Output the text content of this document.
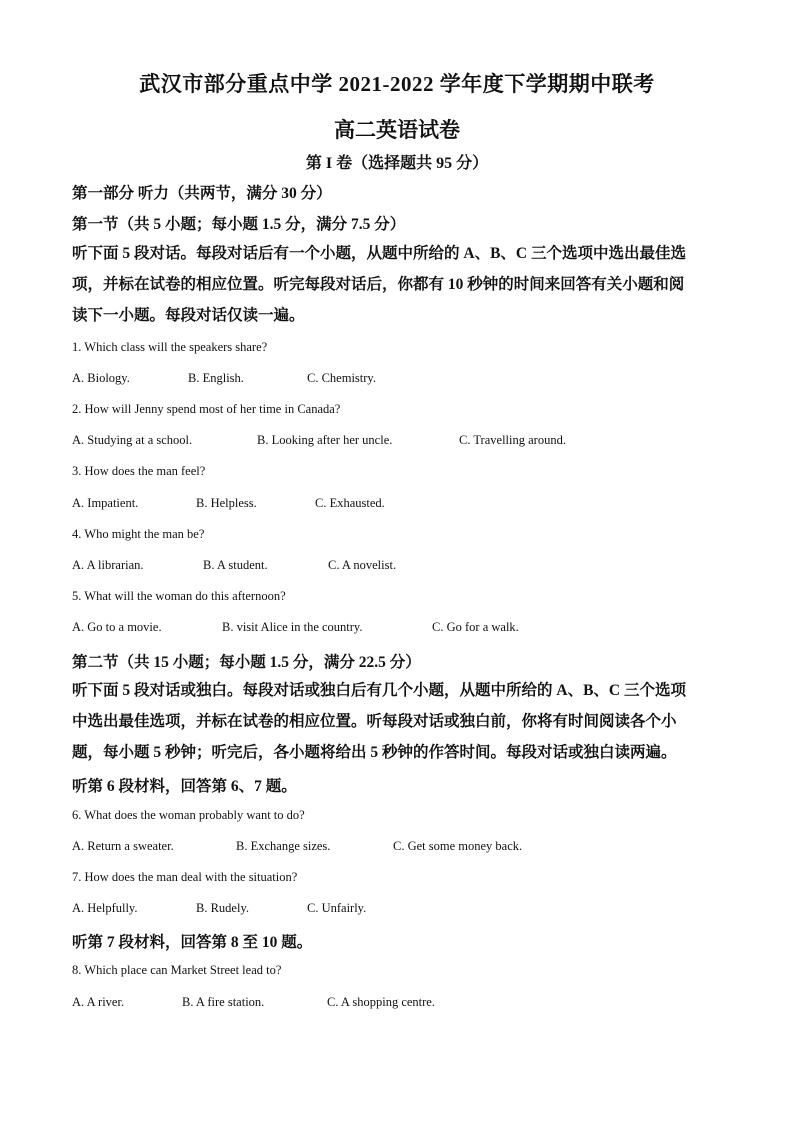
武汉市部分重点中学 2021-2022 学年度下学期期中联考
高二英语试卷
第 I 卷（选择题共 95 分）
第一部分 听力（共两节，满分 30 分）
第一节（共 5 小题；每小题 1.5 分，满分 7.5 分）
听下面 5 段对话。每段对话后有一个小题，从题中所给的 A、B、C 三个选项中选出最佳选
项，并标在试卷的相应位置。听完每段对话后，你都有 10 秒钟的时间来回答有关小题和阅
读下一小题。每段对话仅读一遍。
1. Which class will the speakers share?
A. Biology.	B. English.	C. Chemistry.
2. How will Jenny spend most of her time in Canada?
A. Studying at a school.	B. Looking after her uncle.	C. Travelling around.
3. How does the man feel?
A. Impatient.	B. Helpless.	C. Exhausted.
4. Who might the man be?
A. A librarian.	B. A student.	C. A novelist.
5. What will the woman do this afternoon?
A. Go to a movie.	B. visit Alice in the country.	C. Go for a walk.
第二节（共 15 小题；每小题 1.5 分，满分 22.5 分）
听下面 5 段对话或独白。每段对话或独白后有几个小题，从题中所给的 A、B、C 三个选项
中选出最佳选项，并标在试卷的相应位置。听每段对话或独白前，你将有时间阅读各个小
题，每小题 5 秒钟；听完后，各小题将给出 5 秒钟的作答时间。每段对话或独白读两遍。
听第 6 段材料，回答第 6、7 题。
6. What does the woman probably want to do?
A. Return a sweater.	B. Exchange sizes.	C. Get some money back.
7. How does the man deal with the situation?
A. Helpfully.	B. Rudely.	C. Unfairly.
听第 7 段材料，回答第 8 至 10 题。
8. Which place can Market Street lead to?
A. A river.	B. A fire station.	C. A shopping centre.
